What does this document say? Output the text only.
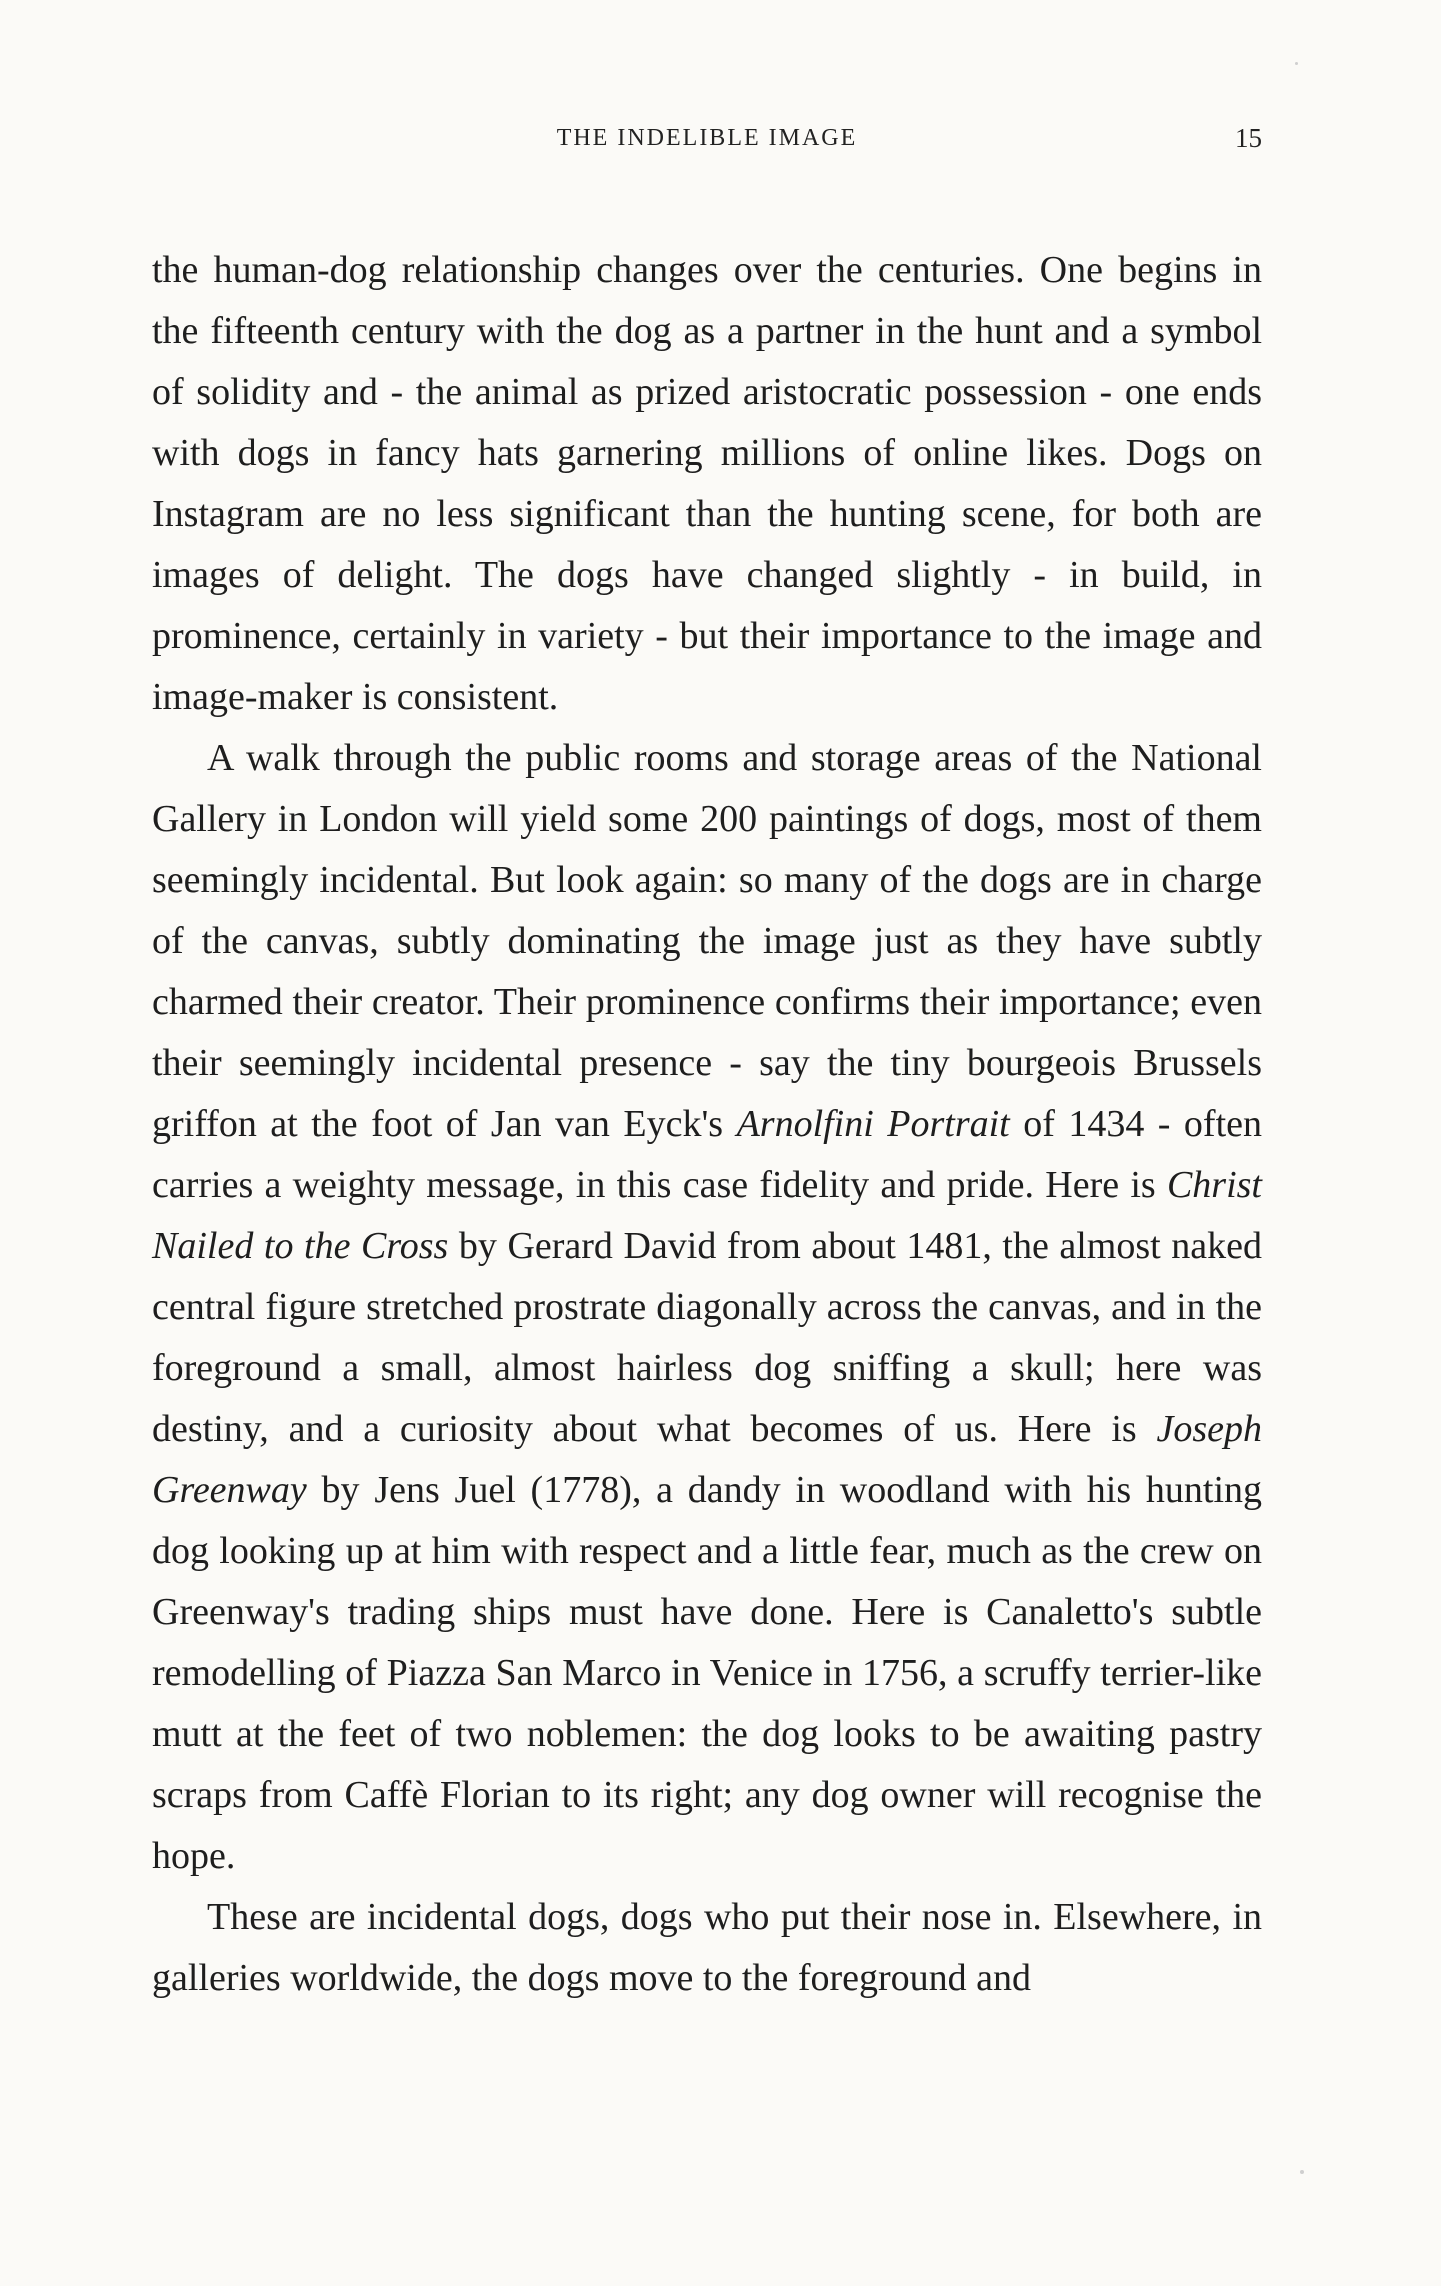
THE INDELIBLE IMAGE	15

the human-dog relationship changes over the centuries. One begins in the fifteenth century with the dog as a partner in the hunt and a symbol of solidity and - the animal as prized aristocratic possession - one ends with dogs in fancy hats garnering millions of online likes. Dogs on Instagram are no less significant than the hunting scene, for both are images of delight. The dogs have changed slightly - in build, in prominence, certainly in variety - but their importance to the image and image-maker is consistent.

A walk through the public rooms and storage areas of the National Gallery in London will yield some 200 paintings of dogs, most of them seemingly incidental. But look again: so many of the dogs are in charge of the canvas, subtly dominating the image just as they have subtly charmed their creator. Their prominence confirms their importance; even their seemingly incidental presence - say the tiny bourgeois Brussels griffon at the foot of Jan van Eyck's Arnolfini Portrait of 1434 - often carries a weighty message, in this case fidelity and pride. Here is Christ Nailed to the Cross by Gerard David from about 1481, the almost naked central figure stretched prostrate diagonally across the canvas, and in the foreground a small, almost hairless dog sniffing a skull; here was destiny, and a curiosity about what becomes of us. Here is Joseph Greenway by Jens Juel (1778), a dandy in woodland with his hunting dog looking up at him with respect and a little fear, much as the crew on Greenway's trading ships must have done. Here is Canaletto's subtle remodelling of Piazza San Marco in Venice in 1756, a scruffy terrier-like mutt at the feet of two noblemen: the dog looks to be awaiting pastry scraps from Caffè Florian to its right; any dog owner will recognise the hope.

These are incidental dogs, dogs who put their nose in. Elsewhere, in galleries worldwide, the dogs move to the foreground and
